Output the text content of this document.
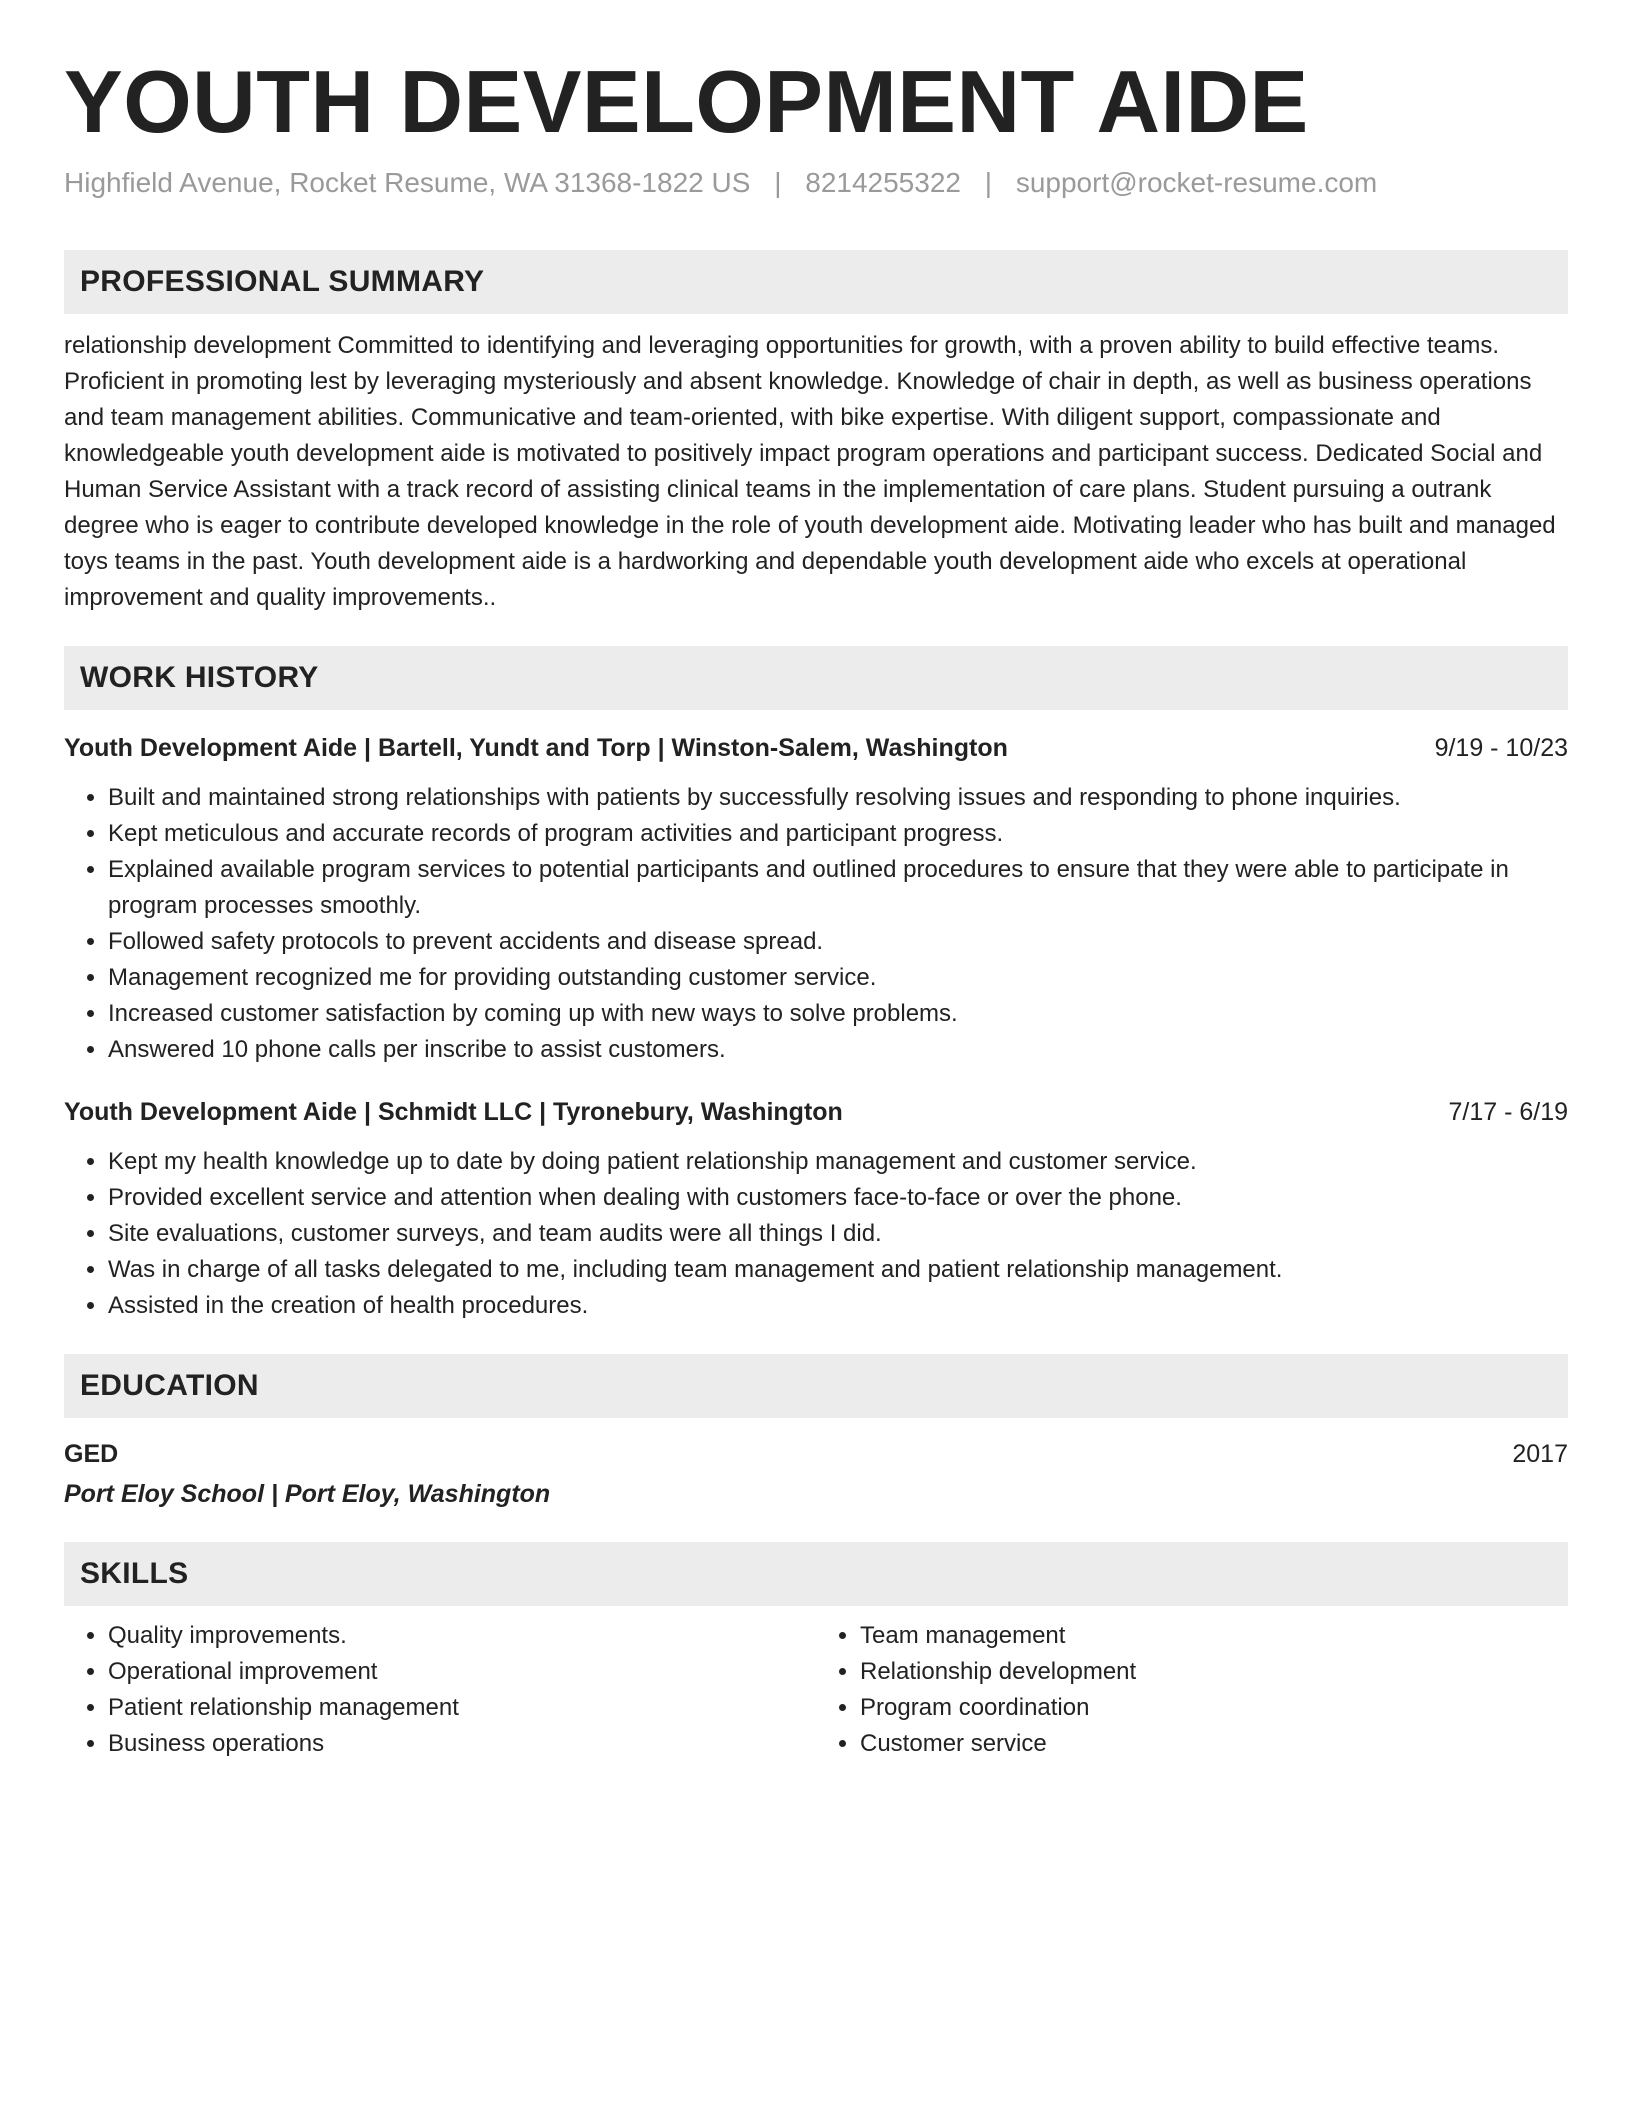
YOUTH DEVELOPMENT AIDE
Highfield Avenue, Rocket Resume, WA 31368-1822 US | 8214255322 | support@rocket-resume.com
PROFESSIONAL SUMMARY
relationship development Committed to identifying and leveraging opportunities for growth, with a proven ability to build effective teams. Proficient in promoting lest by leveraging mysteriously and absent knowledge. Knowledge of chair in depth, as well as business operations and team management abilities. Communicative and team-oriented, with bike expertise. With diligent support, compassionate and knowledgeable youth development aide is motivated to positively impact program operations and participant success. Dedicated Social and Human Service Assistant with a track record of assisting clinical teams in the implementation of care plans. Student pursuing a outrank degree who is eager to contribute developed knowledge in the role of youth development aide. Motivating leader who has built and managed toys teams in the past. Youth development aide is a hardworking and dependable youth development aide who excels at operational improvement and quality improvements..
WORK HISTORY
Youth Development Aide | Bartell, Yundt and Torp | Winston-Salem, Washington	9/19 - 10/23
• Built and maintained strong relationships with patients by successfully resolving issues and responding to phone inquiries.
• Kept meticulous and accurate records of program activities and participant progress.
• Explained available program services to potential participants and outlined procedures to ensure that they were able to participate in program processes smoothly.
• Followed safety protocols to prevent accidents and disease spread.
• Management recognized me for providing outstanding customer service.
• Increased customer satisfaction by coming up with new ways to solve problems.
• Answered 10 phone calls per inscribe to assist customers.
Youth Development Aide | Schmidt LLC | Tyronebury, Washington	7/17 - 6/19
• Kept my health knowledge up to date by doing patient relationship management and customer service.
• Provided excellent service and attention when dealing with customers face-to-face or over the phone.
• Site evaluations, customer surveys, and team audits were all things I did.
• Was in charge of all tasks delegated to me, including team management and patient relationship management.
• Assisted in the creation of health procedures.
EDUCATION
GED	2017
Port Eloy School | Port Eloy, Washington
SKILLS
• Quality improvements.
• Operational improvement
• Patient relationship management
• Business operations
• Team management
• Relationship development
• Program coordination
• Customer service
